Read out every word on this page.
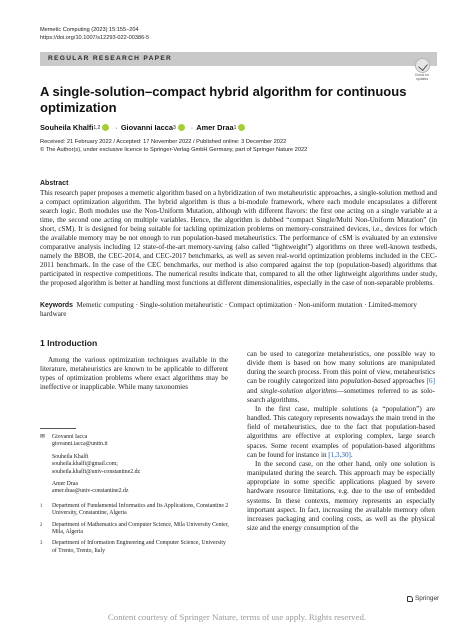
Memetic Computing (2023) 15:155–204
https://doi.org/10.1007/s12293-022-00386-5
REGULAR RESEARCH PAPER
Check for
updates
A single-solution–compact hybrid algorithm for continuous optimization
Souheila Khalfi 1,2 · Giovanni Iacca 3 · Amer Draa 1
Received: 21 February 2022 / Accepted: 17 November 2022 / Published online: 3 December 2022
© The Author(s), under exclusive licence to Springer-Verlag GmbH Germany, part of Springer Nature 2022
Abstract
This research paper proposes a memetic algorithm based on a hybridization of two metaheuristic approaches, a single-solution method and a compact optimization algorithm. The hybrid algorithm is thus a bi-module framework, where each module encapsulates a different search logic. Both modules use the Non-Uniform Mutation, although with different flavors: the first one acting on a single variable at a time, the second one acting on multiple variables. Hence, the algorithm is dubbed “compact Single/Multi Non-Uniform Mutation” (in short, cSM). It is designed for being suitable for tackling optimization problems on memory-constrained devices, i.e., devices for which the available memory may be not enough to run population-based metaheuristics. The performance of cSM is evaluated by an extensive comparative analysis including 12 state-of-the-art memory-saving (also called “lightweight”) algorithms on three well-known testbeds, namely the BBOB, the CEC-2014, and CEC-2017 benchmarks, as well as seven real-world optimization problems included in the CEC-2011 benchmark. In the case of the CEC benchmarks, our method is also compared against the top (population-based) algorithms that participated in respective competitions. The numerical results indicate that, compared to all the other lightweight algorithms under study, the proposed algorithm is better at handling most functions at different dimensionalities, especially in the case of non-separable problems.
Keywords Memetic computing · Single-solution metaheuristic · Compact optimization · Non-uniform mutation · Limited-memory hardware
1 Introduction

Among the various optimization techniques available in the literature, metaheuristics are known to be applicable to different types of optimization problems where exact algorithms may be ineffective or inapplicable. While many taxonomies

✉	Giovanni Iacca
giovanni.iacca@unitn.it
Souheila Khalfi
souheila.khalfi@gmail.com;
souheila.khalfi@univ-constantine2.dz
Amer Draa
amer.draa@univ-constantine2.dz
1	Department of Fundamental Informatics and Its Applications, Constantine 2 University, Constantine, Algeria
2	Department of Mathematics and Computer Science, Mila University Center, Mila, Algeria
3	Department of Information Engineering and Computer Science, University of Trento, Trento, Italy

can be used to categorize metaheuristics, one possible way to divide them is based on how many solutions are manipulated during the search process. From this point of view, metaheuristics can be roughly categorized into population-based approaches [6] and single-solution algorithms—sometimes referred to as solo-search algorithms.

In the first case, multiple solutions (a “population”) are handled. This category represents nowadays the main trend in the field of metaheuristics, due to the fact that population-based algorithms are effective at exploring complex, large search spaces. Some recent examples of population-based algorithms can be found for instance in [1,3,30].

In the second case, on the other hand, only one solution is manipulated during the search. This approach may be especially appropriate in some specific applications plagued by severe hardware resource limitations, e.g. due to the use of embedded systems. In these contexts, memory represents an especially important aspect. In fact, increasing the available memory often increases packaging and cooling costs, as well as the physical size and the energy consumption of the

Springer
Content courtesy of Springer Nature, terms of use apply. Rights reserved.
